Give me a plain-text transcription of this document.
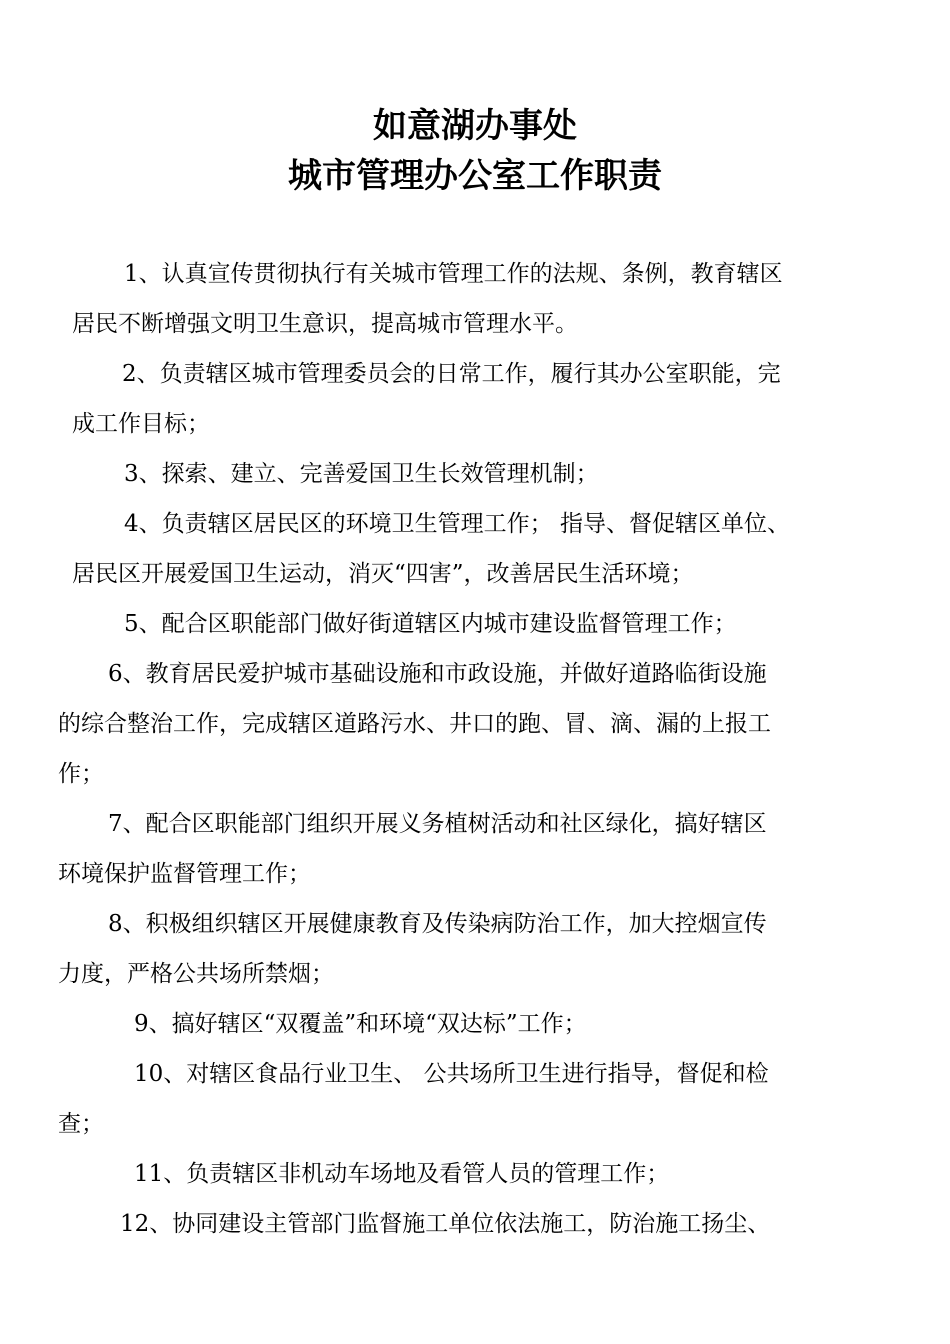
如意湖办事处
城市管理办公室工作职责

1、认真宣传贯彻执行有关城市管理工作的法规、条例，教育辖区

居民不断增强文明卫生意识，提高城市管理水平。

2、负责辖区城市管理委员会的日常工作，履行其办公室职能，完

成工作目标；

3、探索、建立、完善爱国卫生长效管理机制；

4、负责辖区居民区的环境卫生管理工作； 指导、督促辖区单位、

居民区开展爱国卫生运动，消灭“四害”，改善居民生活环境；

5、配合区职能部门做好街道辖区内城市建设监督管理工作；

6、教育居民爱护城市基础设施和市政设施，并做好道路临街设施

的综合整治工作，完成辖区道路污水、井口的跑、冒、滴、漏的上报工

作；

7、配合区职能部门组织开展义务植树活动和社区绿化，搞好辖区

环境保护监督管理工作；

8、积极组织辖区开展健康教育及传染病防治工作，加大控烟宣传

力度，严格公共场所禁烟；

9、搞好辖区“双覆盖”和环境“双达标”工作；

10、对辖区食品行业卫生、 公共场所卫生进行指导，督促和检

查；

11、负责辖区非机动车场地及看管人员的管理工作；

12、协同建设主管部门监督施工单位依法施工，防治施工扬尘、
